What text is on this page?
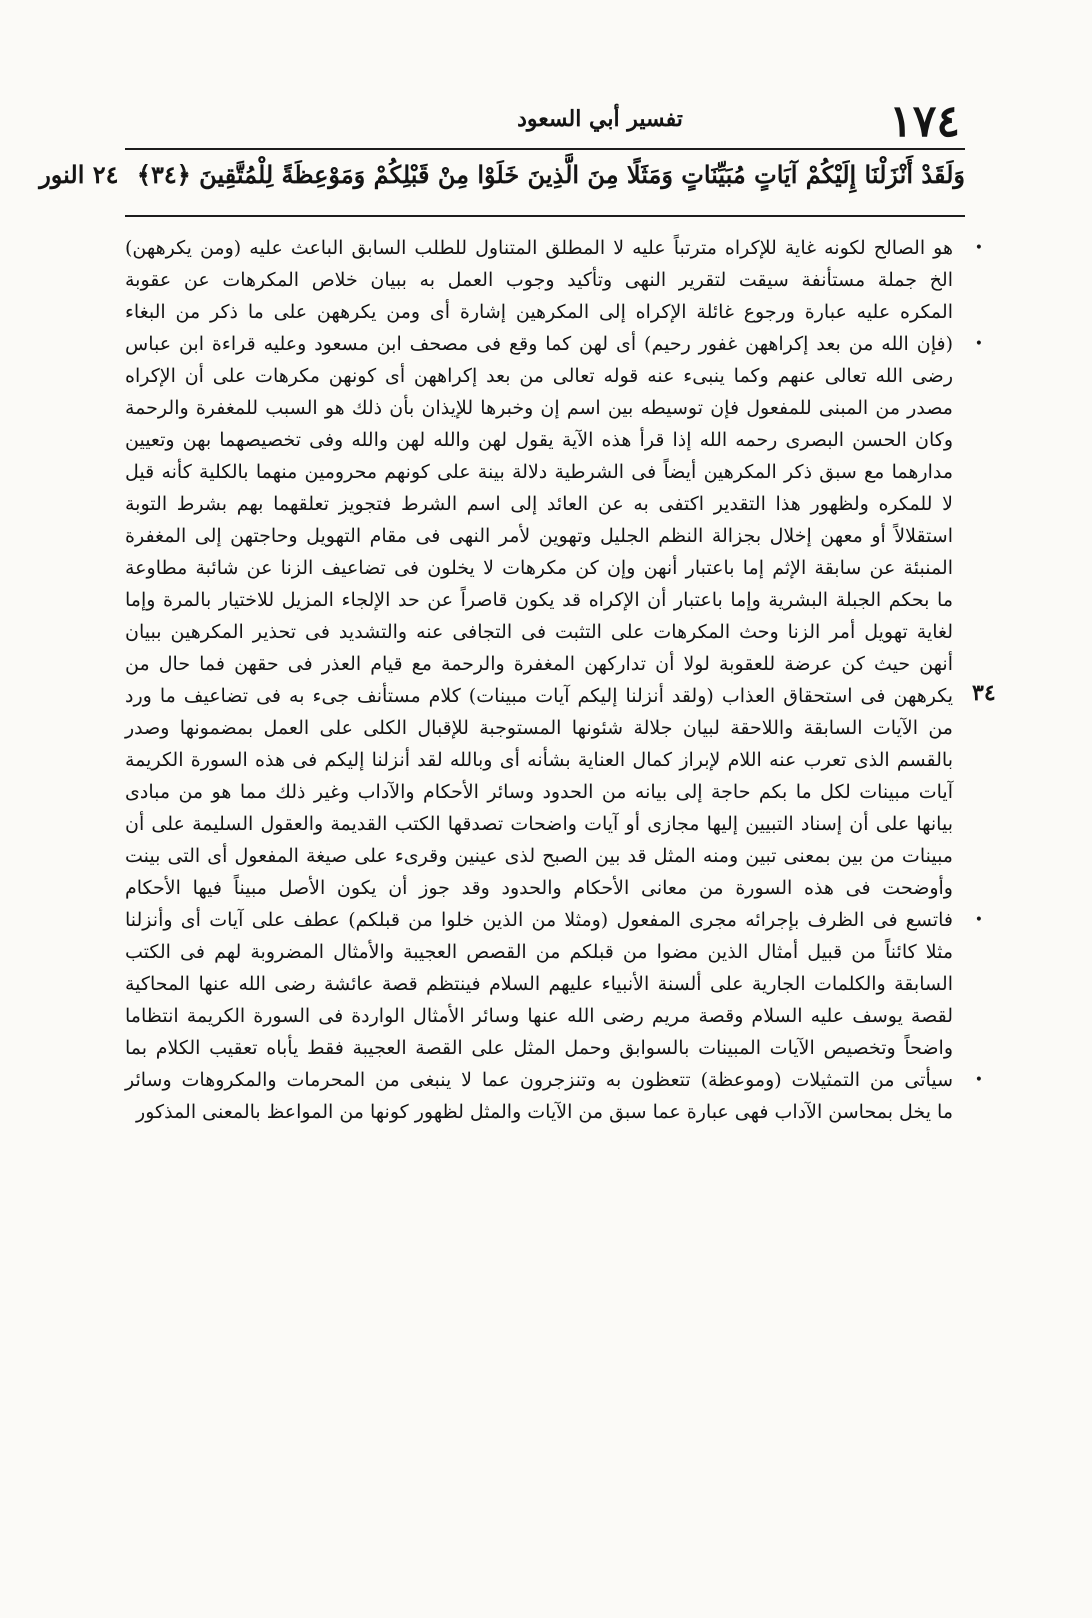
١٧٤
تفسير أبي السعود
وَلَقَدْ أَنْزَلْنَا إِلَيْكُمْ آيَاتٍ مُبَيِّنَاتٍ وَمَثَلًا مِنَ الَّذِينَ خَلَوْا مِنْ قَبْلِكُمْ وَمَوْعِظَةً لِلْمُتَّقِينَ ﴿٣٤﴾ ٢٤ النور
٣٤
•
هو الصالح لكونه غاية للإكراه مترتباً عليه لا المطلق المتناول للطلب السابق الباعث عليه (ومن يكرههن)
الخ جملة مستأنفة سيقت لتقرير النهى وتأكيد وجوب العمل به ببيان خلاص المكرهات عن عقوبة
المكره عليه عبارة ورجوع غائلة الإكراه إلى المكرهين إشارة أى ومن يكرههن على ما ذكر من البغاء
•
(فإن الله من بعد إكراههن غفور رحيم) أى لهن كما وقع فى مصحف ابن مسعود وعليه قراءة ابن عباس
رضى الله تعالى عنهم وكما ينبىء عنه قوله تعالى من بعد إكراههن أى كونهن مكرهات على أن الإكراه
مصدر من المبنى للمفعول فإن توسيطه بين اسم إن وخبرها للإيذان بأن ذلك هو السبب للمغفرة والرحمة
وكان الحسن البصرى رحمه الله إذا قرأ هذه الآية يقول لهن والله لهن والله وفى تخصيصهما بهن وتعيين
مدارهما مع سبق ذكر المكرهين أيضاً فى الشرطية دلالة بينة على كونهم محرومين منهما بالكلية كأنه قيل
لا للمكره ولظهور هذا التقدير اكتفى به عن العائد إلى اسم الشرط فتجويز تعلقهما بهم بشرط التوبة
استقلالاً أو معهن إخلال بجزالة النظم الجليل وتهوين لأمر النهى فى مقام التهويل وحاجتهن إلى المغفرة
المنبئة عن سابقة الإثم إما باعتبار أنهن وإن كن مكرهات لا يخلون فى تضاعيف الزنا عن شائبة مطاوعة
ما بحكم الجبلة البشرية وإما باعتبار أن الإكراه قد يكون قاصراً عن حد الإلجاء المزيل للاختيار بالمرة وإما
لغاية تهويل أمر الزنا وحث المكرهات على التثبت فى التجافى عنه والتشديد فى تحذير المكرهين ببيان
أنهن حيث كن عرضة للعقوبة لولا أن تداركهن المغفرة والرحمة مع قيام العذر فى حقهن فما حال من
يكرههن فى استحقاق العذاب (ولقد أنزلنا إليكم آيات مبينات) كلام مستأنف جىء به فى تضاعيف ما ورد
من الآيات السابقة واللاحقة لبيان جلالة شئونها المستوجبة للإقبال الكلى على العمل بمضمونها وصدر
بالقسم الذى تعرب عنه اللام لإبراز كمال العناية بشأنه أى وبالله لقد أنزلنا إليكم فى هذه السورة الكريمة
آيات مبينات لكل ما بكم حاجة إلى بيانه من الحدود وسائر الأحكام والآداب وغير ذلك مما هو من مبادى
بيانها على أن إسناد التبيين إليها مجازى أو آيات واضحات تصدقها الكتب القديمة والعقول السليمة على أن
مبينات من بين بمعنى تبين ومنه المثل قد بين الصبح لذى عينين وقرىء على صيغة المفعول أى التى بينت
وأوضحت فى هذه السورة من معانى الأحكام والحدود وقد جوز أن يكون الأصل مبيناً فيها الأحكام
•
فاتسع فى الظرف بإجرائه مجرى المفعول (ومثلا من الذين خلوا من قبلكم) عطف على آيات أى وأنزلنا
مثلا كائناً من قبيل أمثال الذين مضوا من قبلكم من القصص العجيبة والأمثال المضروبة لهم فى الكتب
السابقة والكلمات الجارية على ألسنة الأنبياء عليهم السلام فينتظم قصة عائشة رضى الله عنها المحاكية
لقصة يوسف عليه السلام وقصة مريم رضى الله عنها وسائر الأمثال الواردة فى السورة الكريمة انتظاما
واضحاً وتخصيص الآيات المبينات بالسوابق وحمل المثل على القصة العجيبة فقط يأباه تعقيب الكلام بما
•
سيأتى من التمثيلات (وموعظة) تتعظون به وتنزجرون عما لا ينبغى من المحرمات والمكروهات وسائر
ما يخل بمحاسن الآداب فهى عبارة عما سبق من الآيات والمثل لظهور كونها من المواعظ بالمعنى المذكور
